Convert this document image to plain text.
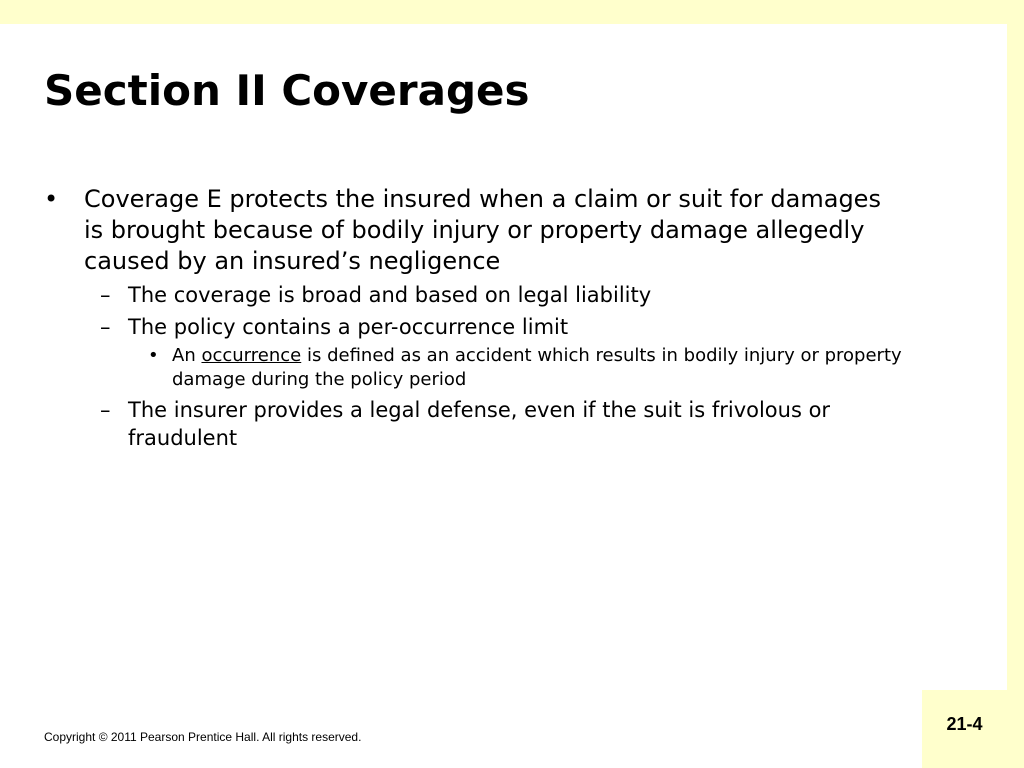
21-4
Section II Coverages
• Coverage E protects the insured when a claim or suit for damages is brought because of bodily injury or property damage allegedly caused by an insured’s negligence
– The coverage is broad and based on legal liability
– The policy contains a per-occurrence limit
• An occurrence is defined as an accident which results in bodily injury or property damage during the policy period
– The insurer provides a legal defense, even if the suit is frivolous or fraudulent
Copyright © 2011 Pearson Prentice Hall. All rights reserved.
